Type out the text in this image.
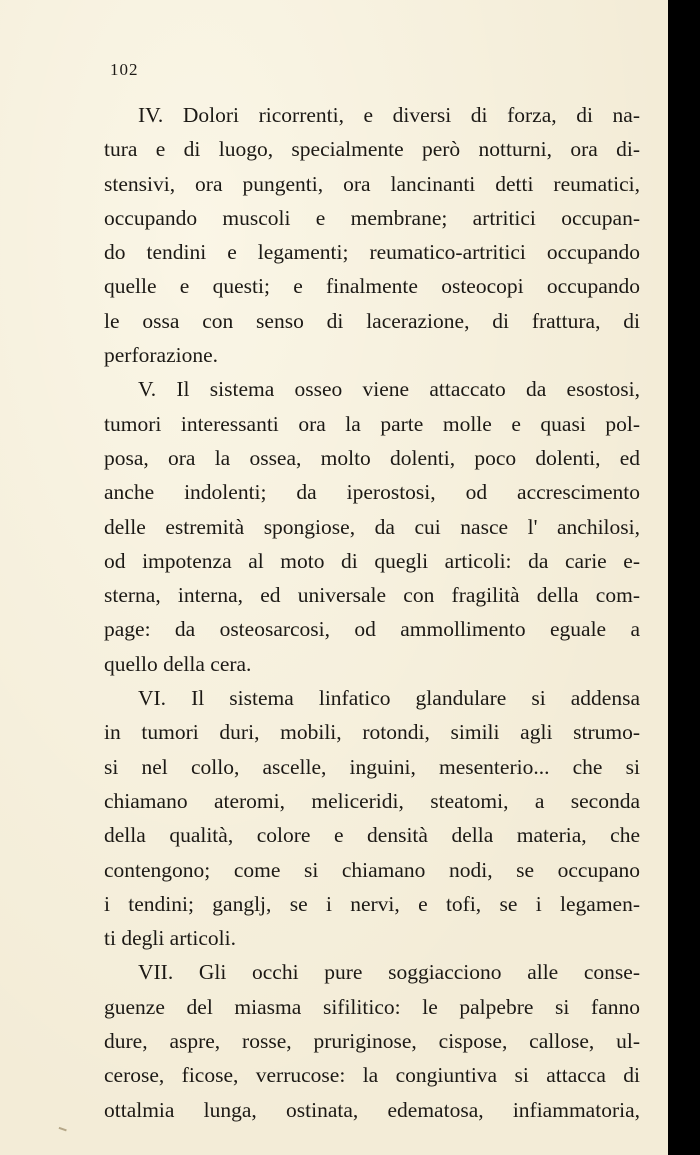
102
IV. Dolori ricorrenti, e diversi di forza, di na-
tura e di luogo, specialmente però notturni, ora di-
stensivi, ora pungenti, ora lancinanti detti reumatici,
occupando muscoli e membrane; artritici occupan-
do tendini e legamenti; reumatico-artritici occupando
quelle e questi; e finalmente osteocopi occupando
le ossa con senso di lacerazione, di frattura, di
perforazione.
V. Il sistema osseo viene attaccato da esostosi,
tumori interessanti ora la parte molle e quasi pol-
posa, ora la ossea, molto dolenti, poco dolenti, ed
anche indolenti; da iperostosi, od accrescimento
delle estremità spongiose, da cui nasce l' anchilosi,
od impotenza al moto di quegli articoli: da carie e-
sterna, interna, ed universale con fragilità della com-
page: da osteosarcosi, od ammollimento eguale a
quello della cera.
VI. Il sistema linfatico glandulare si addensa
in tumori duri, mobili, rotondi, simili agli strumo-
si nel collo, ascelle, inguini, mesenterio... che si
chiamano ateromi, meliceridi, steatomi, a seconda
della qualità, colore e densità della materia, che
contengono; come si chiamano nodi, se occupano
i tendini; ganglj, se i nervi, e tofi, se i legamen-
ti degli articoli.
VII. Gli occhi pure soggiacciono alle conse-
guenze del miasma sifilitico: le palpebre si fanno
dure, aspre, rosse, pruriginose, cispose, callose, ul-
cerose, ficose, verrucose: la congiuntiva si attacca di
ottalmia lunga, ostinata, edematosa, infiammatoria,
